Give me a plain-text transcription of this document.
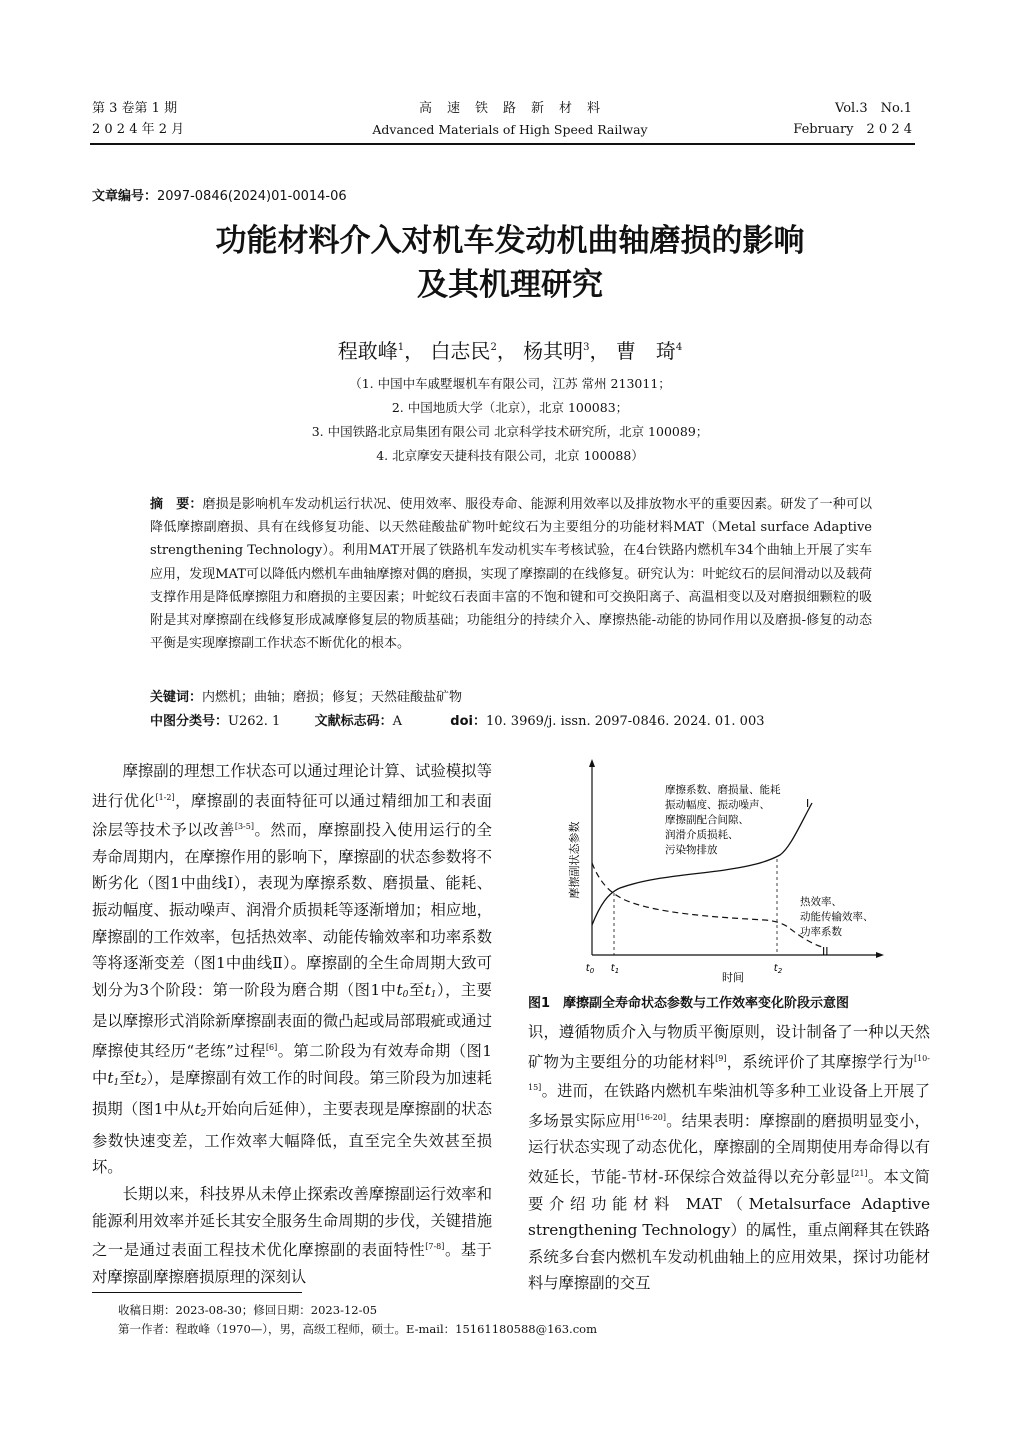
第 3 卷第 1 期
2 0 2 4 年 2 月
高　速　铁　路　新　材　料
Advanced Materials of High Speed Railway
Vol.3　No.1
February　2 0 2 4
文章编号：2097-0846(2024)01-0014-06
功能材料介入对机车发动机曲轴磨损的影响
及其机理研究
程敢峰$^1$， 白志民$^2$， 杨其明$^3$， 曹　琦$^4$
（1. 中国中车戚墅堰机车有限公司，江苏 常州 213011；
2. 中国地质大学（北京），北京 100083；
3. 中国铁路北京局集团有限公司 北京科学技术研究所，北京 100089；
4. 北京摩安天捷科技有限公司，北京 100088）
摘　要：磨损是影响机车发动机运行状况、使用效率、服役寿命、能源利用效率以及排放物水平的重要因素。研发了一种可以降低摩擦副磨损、具有在线修复功能、以天然硅酸盐矿物叶蛇纹石为主要组分的功能材料MAT（Metal surface Adaptive strengthening Technology）。利用MAT开展了铁路机车发动机实车考核试验，在4台铁路内燃机车34个曲轴上开展了实车应用，发现MAT可以降低内燃机车曲轴摩擦对偶的磨损，实现了摩擦副的在线修复。研究认为：叶蛇纹石的层间滑动以及载荷支撑作用是降低摩擦阻力和磨损的主要因素；叶蛇纹石表面丰富的不饱和键和可交换阳离子、高温相变以及对磨损细颗粒的吸附是其对摩擦副在线修复形成减摩修复层的物质基础；功能组分的持续介入、摩擦热能-动能的协同作用以及磨损-修复的动态平衡是实现摩擦副工作状态不断优化的根本。
关键词：内燃机；曲轴；磨损；修复；天然硅酸盐矿物
中图分类号：U262. 1	文献标志码：A	doi：10. 3969/j. issn. 2097-0846. 2024. 01. 003

摩擦副的理想工作状态可以通过理论计算、试验模拟等进行优化[1-2]，摩擦副的表面特征可以通过精细加工和表面涂层等技术予以改善[3-5]。然而，摩擦副投入使用运行的全寿命周期内，在摩擦作用的影响下，摩擦副的状态参数将不断劣化（图1中曲线Ⅰ），表现为摩擦系数、磨损量、能耗、振动幅度、振动噪声、润滑介质损耗等逐渐增加；相应地，摩擦副的工作效率，包括热效率、动能传输效率和功率系数等将逐渐变差（图1中曲线Ⅱ）。摩擦副的全生命周期大致可划分为3个阶段：第一阶段为磨合期（图1中$t_0$至$t_1$），主要是以摩擦形式消除新摩擦副表面的微凸起或局部瑕疵或通过摩擦使其经历“老练”过程[6]。第二阶段为有效寿命期（图1中$t_1$至$t_2$），是摩擦副有效工作的时间段。第三阶段为加速耗损期（图1中从$t_2$开始向后延伸），主要表现是摩擦副的状态参数快速变差，工作效率大幅降低，直至完全失效甚至损坏。

长期以来，科技界从未停止探索改善摩擦副运行效率和能源利用效率并延长其安全服务生命周期的步伐，关键措施之一是通过表面工程技术优化摩擦副的表面特性[7-8]。基于对摩擦副摩擦磨损原理的深刻认

摩擦副状态参数
时间
$t_0$ $t_1$	$t_2$
摩擦系数、磨损量、能耗
振动幅度、振动噪声、
摩擦副配合间隙、
润滑介质损耗、
污染物排放
I
热效率、
动能传输效率、
功率系数
II
图1　摩擦副全寿命状态参数与工作效率变化阶段示意图

识，遵循物质介入与物质平衡原则，设计制备了一种以天然矿物为主要组分的功能材料[9]，系统评价了其摩擦学行为[10-15]。进而，在铁路内燃机车柴油机等多种工业设备上开展了多场景实际应用[16-20]。结果表明：摩擦副的磨损明显变小，运行状态实现了动态优化，摩擦副的全周期使用寿命得以有效延长，节能-节材-环保综合效益得以充分彰显[21]。本文简要介绍功能材料 MAT（Metalsurface Adaptive strengthening Technology）的属性，重点阐释其在铁路系统多台套内燃机车发动机曲轴上的应用效果，探讨功能材料与摩擦副的交互

收稿日期：2023-08-30；修回日期：2023-12-05
第一作者：程敢峰（1970—），男，高级工程师，硕士。E-mail：15161180588@163.com
